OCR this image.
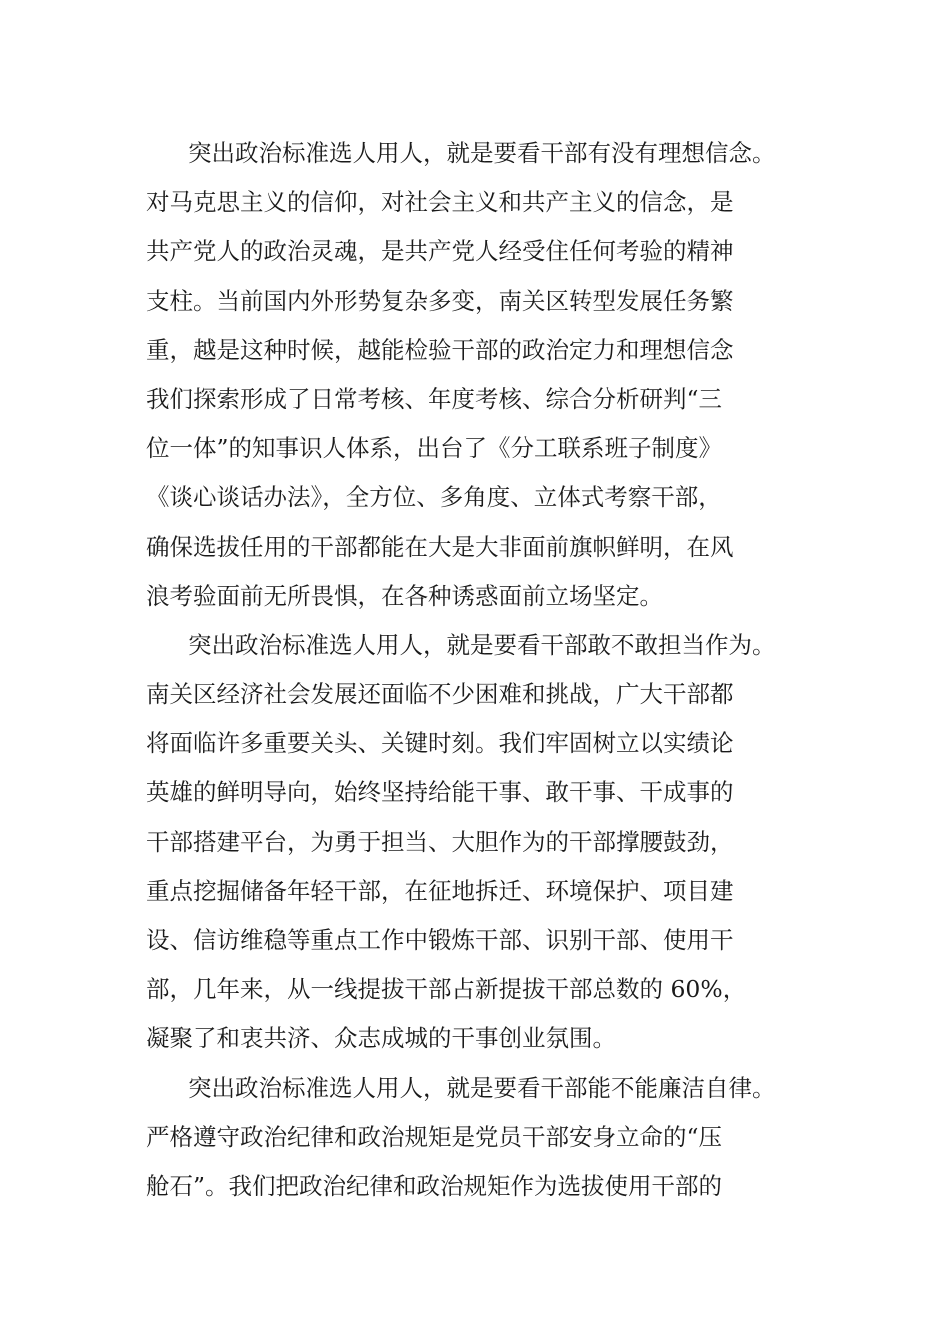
突出政治标准选人用人，就是要看干部有没有理想信念。
对马克思主义的信仰，对社会主义和共产主义的信念，是
共产党人的政治灵魂，是共产党人经受住任何考验的精神
支柱。当前国内外形势复杂多变，南关区转型发展任务繁
重，越是这种时候，越能检验干部的政治定力和理想信念
我们探索形成了日常考核、年度考核、综合分析研判“三
位一体”的知事识人体系，出台了《分工联系班子制度》
《谈心谈话办法》，全方位、多角度、立体式考察干部，
确保选拔任用的干部都能在大是大非面前旗帜鲜明，在风
浪考验面前无所畏惧，在各种诱惑面前立场坚定。
突出政治标准选人用人，就是要看干部敢不敢担当作为。
南关区经济社会发展还面临不少困难和挑战，广大干部都
将面临许多重要关头、关键时刻。我们牢固树立以实绩论
英雄的鲜明导向，始终坚持给能干事、敢干事、干成事的
干部搭建平台，为勇于担当、大胆作为的干部撑腰鼓劲，
重点挖掘储备年轻干部，在征地拆迁、环境保护、项目建
设、信访维稳等重点工作中锻炼干部、识别干部、使用干
部，几年来，从一线提拔干部占新提拔干部总数的 60%，
凝聚了和衷共济、众志成城的干事创业氛围。
突出政治标准选人用人，就是要看干部能不能廉洁自律。
严格遵守政治纪律和政治规矩是党员干部安身立命的“压
舱石”。我们把政治纪律和政治规矩作为选拔使用干部的
